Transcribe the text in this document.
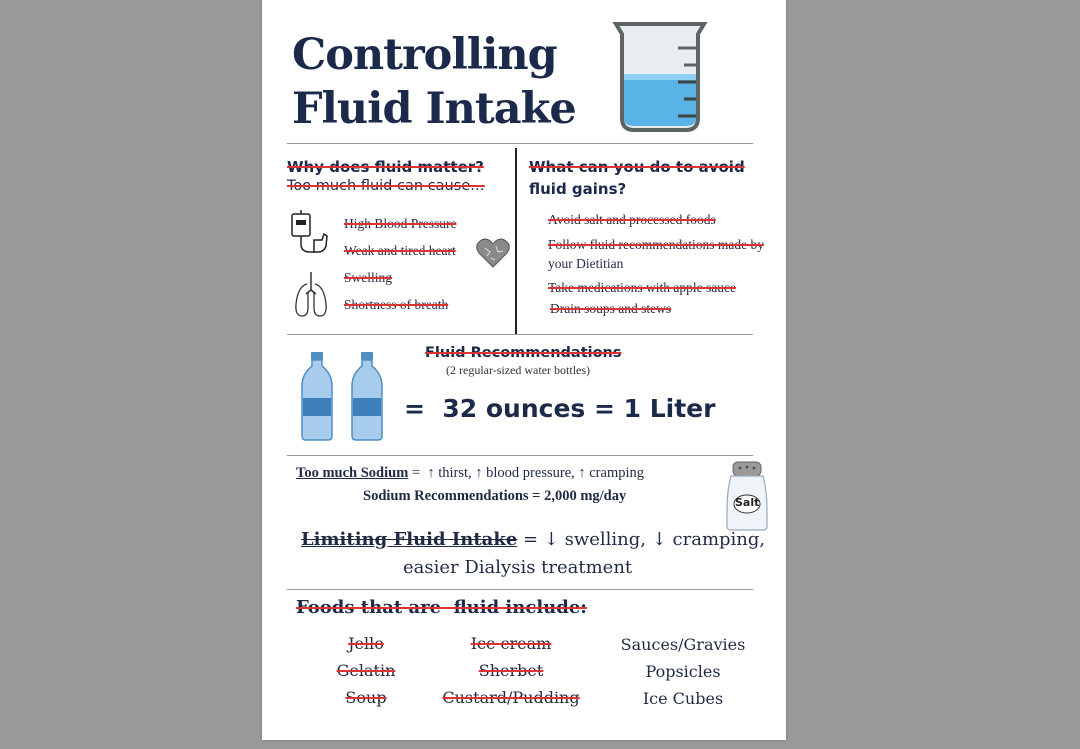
Controlling
Fluid Intake
Why does fluid matter?
Too much fluid can cause…
High Blood Pressure
Weak and tired heart
Swelling
Shortness of breath
What can you do to avoid
fluid gains?
Avoid salt and processed foods
Follow fluid recommendations made by
your Dietitian
Take medications with apple sauce
Drain soups and stews
Fluid Recommendations
(2 regular-sized water bottles)
=  32 ounces = 1 Liter
Too much Sodium =  ↑ thirst, ↑ blood pressure, ↑ cramping
Sodium Recommendations = 2,000 mg/day	Salt
Limiting Fluid Intake = ↓ swelling, ↓ cramping,
easier Dialysis treatment
Foods that are  fluid include:
Jello
Gelatin
Soup
Ice cream
Sherbet
Custard/Pudding
Sauces/Gravies
Popsicles
Ice Cubes
